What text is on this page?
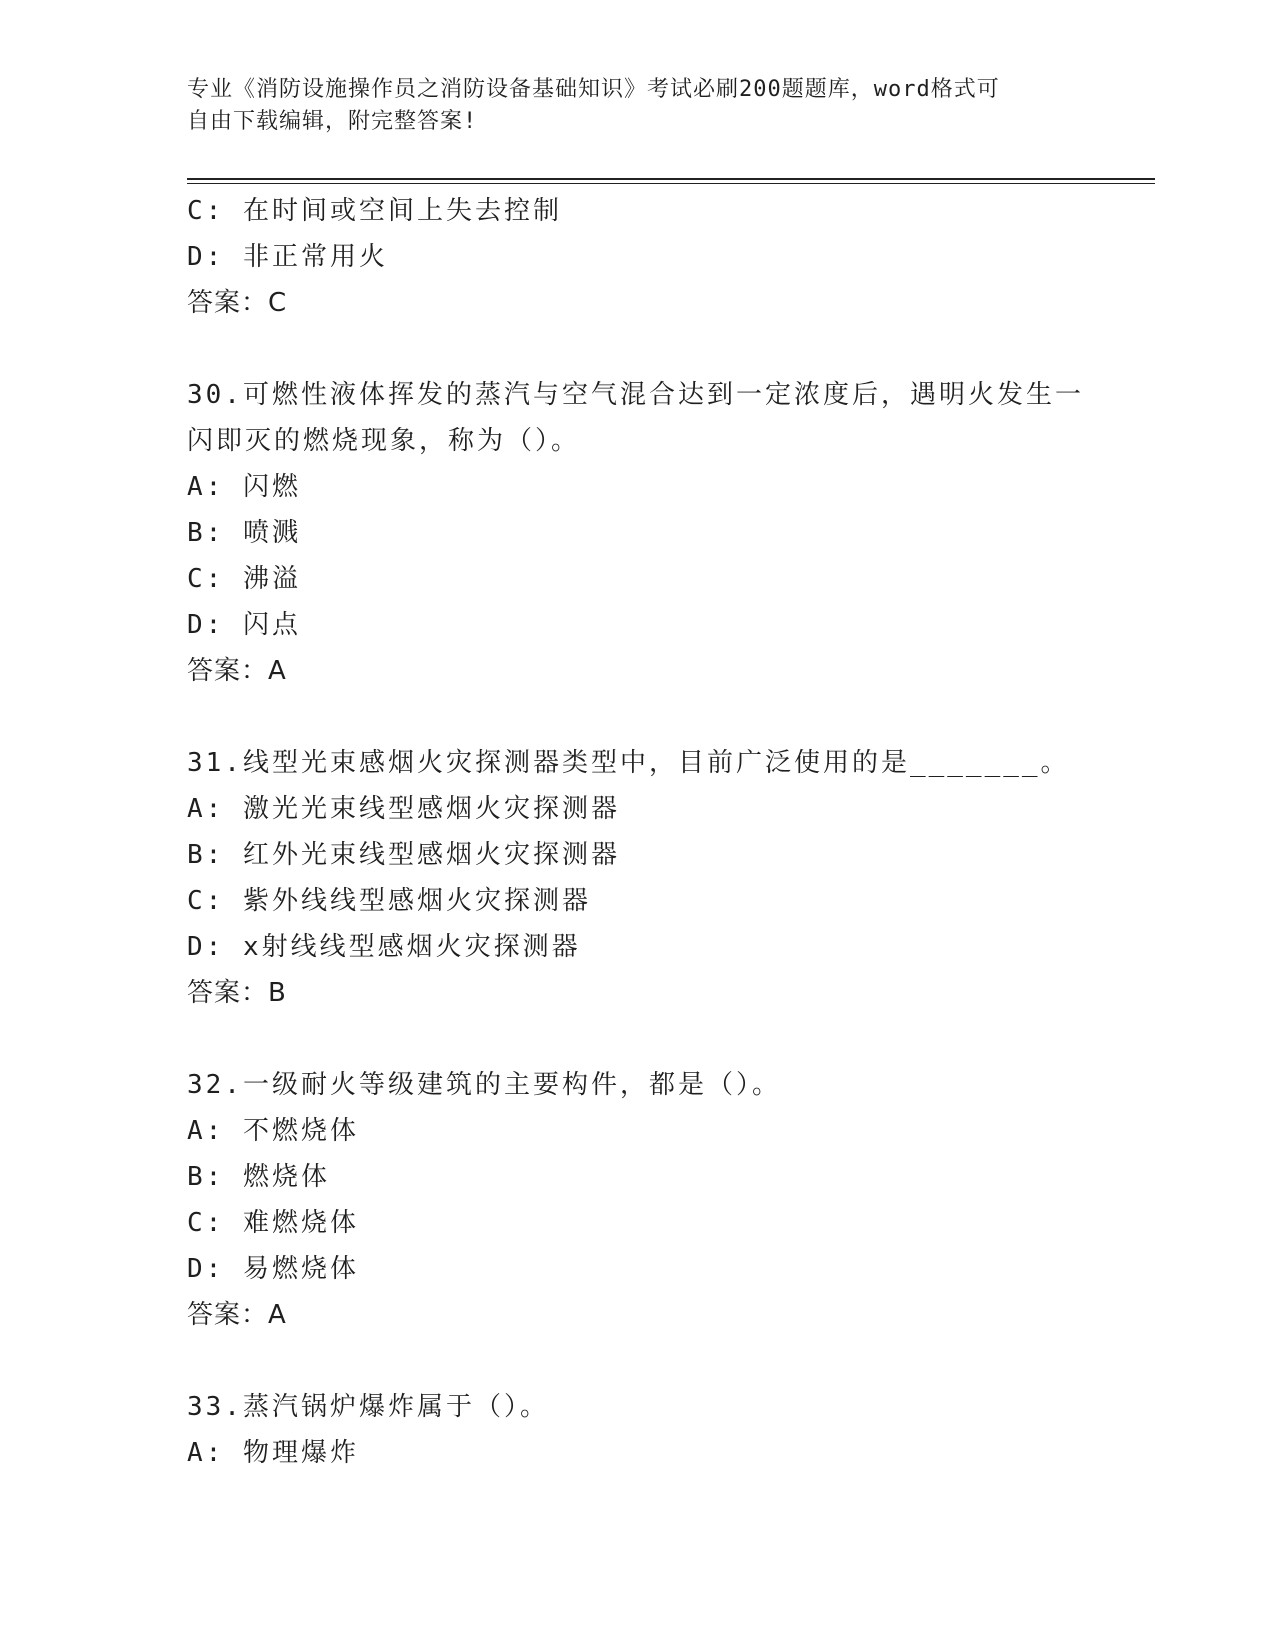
专业《消防设施操作员之消防设备基础知识》考试必刷200题题库，word格式可
自由下载编辑，附完整答案!
C: 在时间或空间上失去控制
D: 非正常用火
答案：C
30.可燃性液体挥发的蒸汽与空气混合达到一定浓度后，遇明火发生一
闪即灭的燃烧现象，称为（）。
A: 闪燃
B: 喷溅
C: 沸溢
D: 闪点
答案：A
31.线型光束感烟火灾探测器类型中，目前广泛使用的是_______。
A: 激光光束线型感烟火灾探测器
B: 红外光束线型感烟火灾探测器
C: 紫外线线型感烟火灾探测器
D: x射线线型感烟火灾探测器
答案：B
32.一级耐火等级建筑的主要构件，都是（）。
A: 不燃烧体
B: 燃烧体
C: 难燃烧体
D: 易燃烧体
答案：A
33.蒸汽锅炉爆炸属于（）。
A: 物理爆炸
